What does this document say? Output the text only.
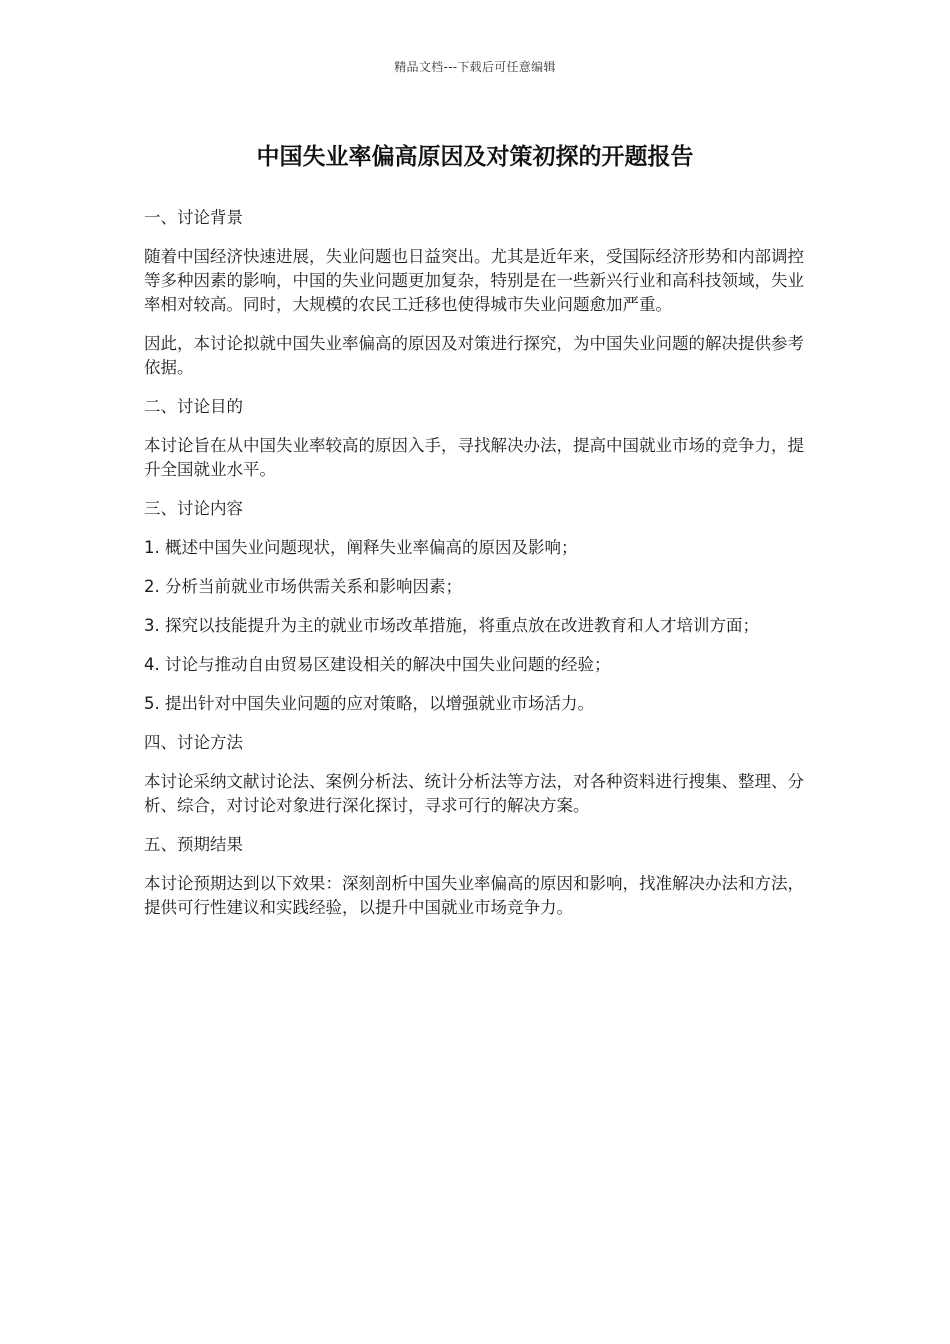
精品文档---下载后可任意编辑
中国失业率偏高原因及对策初探的开题报告

一、讨论背景

随着中国经济快速进展，失业问题也日益突出。尤其是近年来，受国际经济形势和内部调控等多种因素的影响，中国的失业问题更加复杂，特别是在一些新兴行业和高科技领域，失业率相对较高。同时，大规模的农民工迁移也使得城市失业问题愈加严重。

因此，本讨论拟就中国失业率偏高的原因及对策进行探究，为中国失业问题的解决提供参考依据。

二、讨论目的

本讨论旨在从中国失业率较高的原因入手，寻找解决办法，提高中国就业市场的竞争力，提升全国就业水平。

三、讨论内容

1. 概述中国失业问题现状，阐释失业率偏高的原因及影响；

2. 分析当前就业市场供需关系和影响因素；

3. 探究以技能提升为主的就业市场改革措施，将重点放在改进教育和人才培训方面；

4. 讨论与推动自由贸易区建设相关的解决中国失业问题的经验；

5. 提出针对中国失业问题的应对策略，以增强就业市场活力。

四、讨论方法

本讨论采纳文献讨论法、案例分析法、统计分析法等方法，对各种资料进行搜集、整理、分析、综合，对讨论对象进行深化探讨，寻求可行的解决方案。

五、预期结果

本讨论预期达到以下效果：深刻剖析中国失业率偏高的原因和影响，找准解决办法和方法，提供可行性建议和实践经验，以提升中国就业市场竞争力。
